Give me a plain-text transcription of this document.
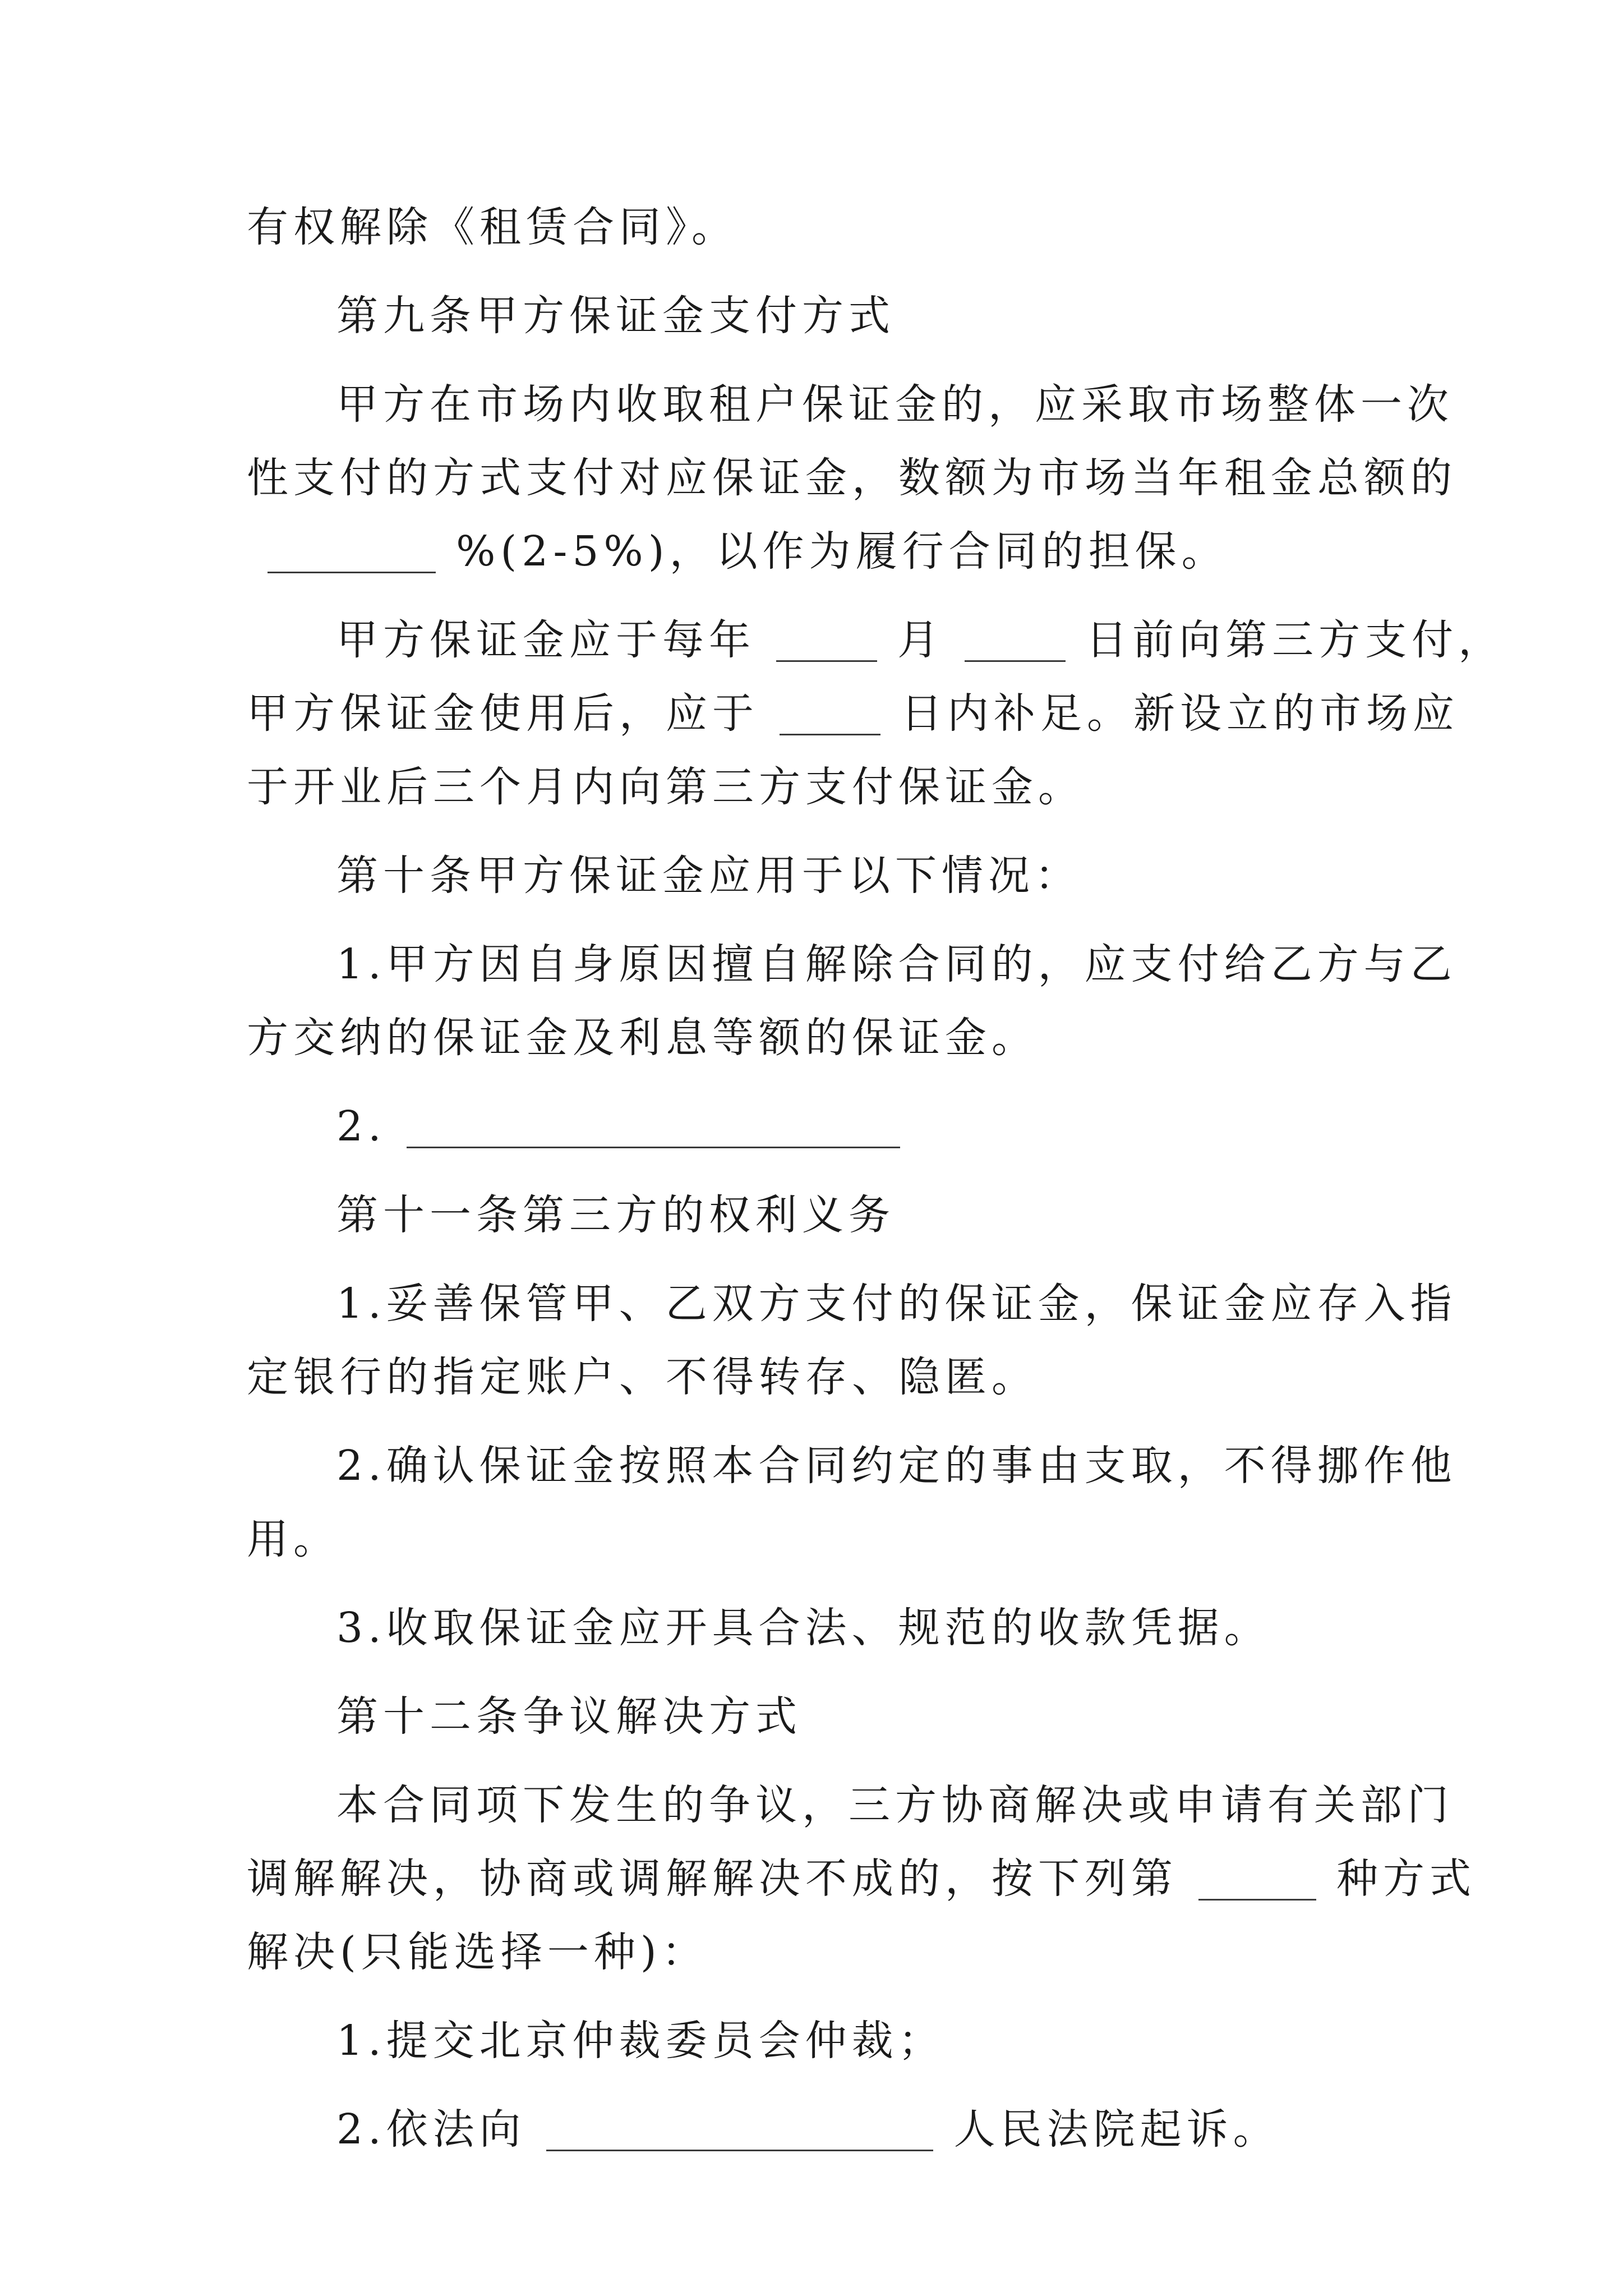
有权解除《租赁合同》。
第九条甲方保证金支付方式
甲方在市场内收取租户保证金的，应采取市场整体一次
性支付的方式支付对应保证金，数额为市场当年租金总额的
%(2-5%)，以作为履行合同的担保。
甲方保证金应于每年	月	日前向第三方支付，
甲方保证金使用后，应于	日内补足。新设立的市场应
于开业后三个月内向第三方支付保证金。
第十条甲方保证金应用于以下情况：
1.甲方因自身原因擅自解除合同的，应支付给乙方与乙
方交纳的保证金及利息等额的保证金。
2.
第十一条第三方的权利义务
1.妥善保管甲、乙双方支付的保证金，保证金应存入指
定银行的指定账户、不得转存、隐匿。
2.确认保证金按照本合同约定的事由支取，不得挪作他
用。
3.收取保证金应开具合法、规范的收款凭据。
第十二条争议解决方式
本合同项下发生的争议，三方协商解决或申请有关部门
调解解决，协商或调解解决不成的，按下列第	种方式
解决(只能选择一种)：
1.提交北京仲裁委员会仲裁；
2.依法向	人民法院起诉。
